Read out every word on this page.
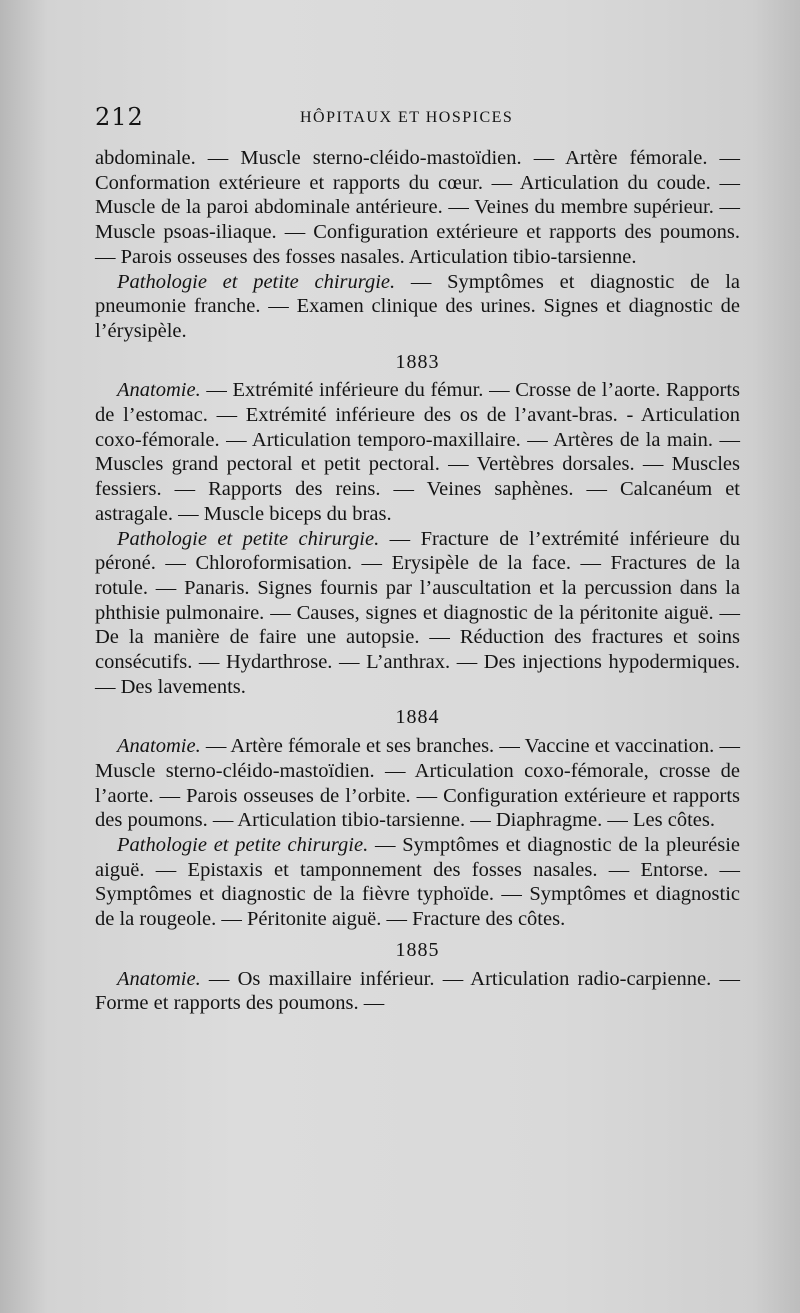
212	HÔPITAUX ET HOSPICES

abdominale. — Muscle sterno-cléido-mastoïdien. — Artère fémorale. — Conformation extérieure et rapports du cœur. — Articulation du coude. — Muscle de la paroi abdominale antérieure. — Veines du membre supérieur. — Muscle psoas-iliaque. — Configuration extérieure et rapports des poumons. — Parois osseuses des fosses nasales. Articulation tibio-tarsienne.

Pathologie et petite chirurgie. — Symptômes et diagnostic de la pneumonie franche. — Examen clinique des urines. Signes et diagnostic de l’érysipèle.

1883

Anatomie. — Extrémité inférieure du fémur. — Crosse de l’aorte. Rapports de l’estomac. — Extrémité inférieure des os de l’avant-bras. - Articulation coxo-fémorale. — Articulation temporo-maxillaire. — Artères de la main. — Muscles grand pectoral et petit pectoral. — Vertèbres dorsales. — Muscles fessiers. — Rapports des reins. — Veines saphènes. — Calcanéum et astragale. — Muscle biceps du bras.

Pathologie et petite chirurgie. — Fracture de l’extrémité inférieure du péroné. — Chloroformisation. — Erysipèle de la face. — Fractures de la rotule. — Panaris. Signes fournis par l’auscultation et la percussion dans la phthisie pulmonaire. — Causes, signes et diagnostic de la péritonite aiguë. — De la manière de faire une autopsie. — Réduction des fractures et soins consécutifs. — Hydarthrose. — L’anthrax. — Des injections hypodermiques. — Des lavements.

1884

Anatomie. — Artère fémorale et ses branches. — Vaccine et vaccination. — Muscle sterno-cléido-mastoïdien. — Articulation coxo-fémorale, crosse de l’aorte. — Parois osseuses de l’orbite. — Configuration extérieure et rapports des poumons. — Articulation tibio-tarsienne. — Diaphragme. — Les côtes.

Pathologie et petite chirurgie. — Symptômes et diagnostic de la pleurésie aiguë. — Epistaxis et tamponnement des fosses nasales. — Entorse. — Symptômes et diagnostic de la fièvre typhoïde. — Symptômes et diagnostic de la rougeole. — Péritonite aiguë. — Fracture des côtes.

1885

Anatomie. — Os maxillaire inférieur. — Articulation radio-carpienne. — Forme et rapports des poumons. —
